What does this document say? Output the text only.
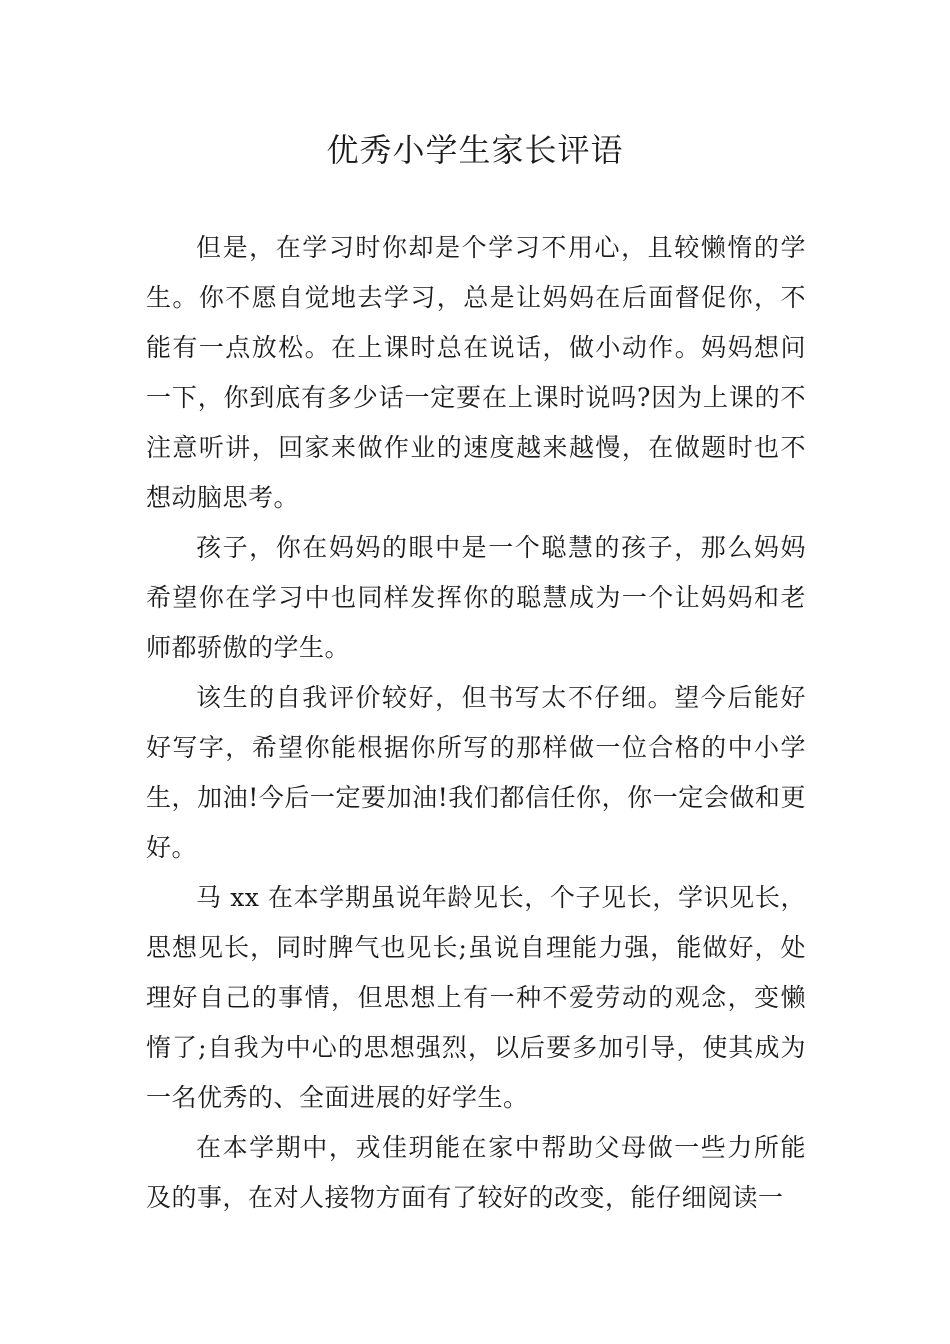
优秀小学生家长评语

但是，在学习时你却是个学习不用心，且较懒惰的学生。你不愿自觉地去学习，总是让妈妈在后面督促你，不能有一点放松。在上课时总在说话，做小动作。妈妈想问一下，你到底有多少话一定要在上课时说吗?因为上课的不注意听讲，回家来做作业的速度越来越慢，在做题时也不想动脑思考。

孩子，你在妈妈的眼中是一个聪慧的孩子，那么妈妈希望你在学习中也同样发挥你的聪慧成为一个让妈妈和老师都骄傲的学生。

该生的自我评价较好，但书写太不仔细。望今后能好好写字，希望你能根据你所写的那样做一位合格的中小学生，加油!今后一定要加油!我们都信任你，你一定会做和更好。

马 xx 在本学期虽说年龄见长，个子见长，学识见长，思想见长，同时脾气也见长;虽说自理能力强，能做好，处理好自己的事情，但思想上有一种不爱劳动的观念，变懒惰了;自我为中心的思想强烈，以后要多加引导，使其成为一名优秀的、全面进展的好学生。

在本学期中，戎佳玥能在家中帮助父母做一些力所能及的事，在对人接物方面有了较好的改变，能仔细阅读一
